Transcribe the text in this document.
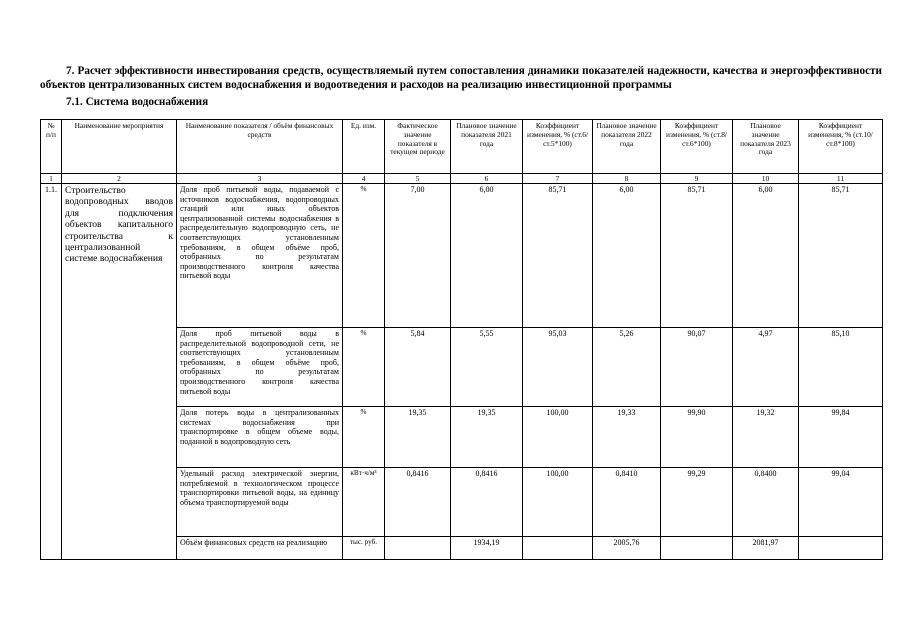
7. Расчет эффективности инвестирования средств, осуществляемый путем сопоставления динамики показателей надежности, качества и энергоэффективности объектов централизованных систем водоснабжения и водоотведения и расходов на реализацию инвестиционной программы

7.1. Система водоснабжения

№ п/п	Наименование мероприятия	Наименование показателя / объём финансовых средств	Ед. изм.	Фактическое значение показателя в текущем периоде	Плановое значение показателя 2021 года	Коэффициент изменения, % (ст.6/ст.5*100)	Плановое значение показателя 2022 года	Коэффициент изменения, % (ст.8/ст.6*100)	Плановое значение показателя 2023 года	Коэффициент изменения, % (ст.10/ст.8*100)
1	2	3	4	5	6	7	8	9	10	11
1.1.	Строительство водопроводных вводов для подключения объектов капитального строительства к централизованной системе водоснабжения	Доля проб питьевой воды, подаваемой с источников водоснабжения, водопроводных станций или иных объектов централизованной системы водоснабжения в распределительную водопроводную сеть, не соответствующих установленным требованиям, в общем объёме проб, отобранных по результатам производственного контроля качества питьевой воды	%	7,00	6,00	85,71	6,00	85,71	6,00	85,71
		Доля проб питьевой воды в распределительной водопроводной сети, не соответствующих установленным требованиям, в общем объёме проб, отобранных по результатам производственного контроля качества питьевой воды	%	5,84	5,55	95,03	5,26	90,07	4,97	85,10
		Доля потерь воды в централизованных системах водоснабжения при транспортировке в общем объеме воды, поданной в водопроводную сеть	%	19,35	19,35	100,00	19,33	99,90	19,32	99,84
		Удельный расход электрической энергии, потребляемой в технологическом процессе транспортировки питьевой воды, на единицу объема транспортируемой воды	кВт·ч/м³	0,8416	0,8416	100,00	0,8410	99,29	0,8400	99,04
		Объём финансовых средств на реализацию	тыс. руб.		1934,19		2005,76		2081,97	
